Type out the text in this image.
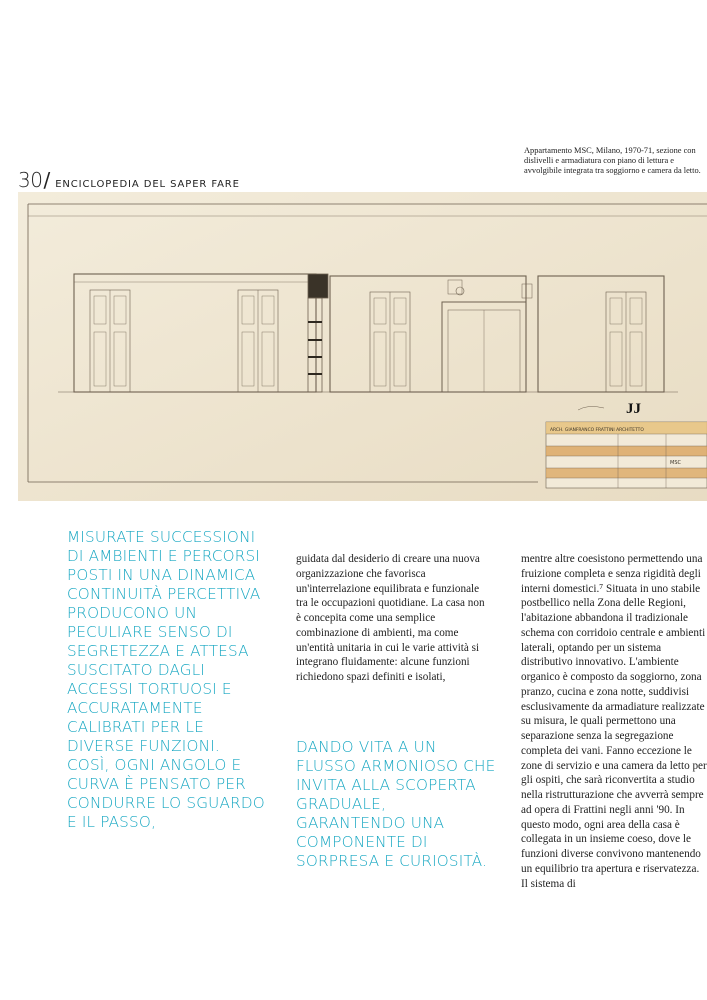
30 / ENCICLOPEDIA DEL SAPER FARE
Appartamento MSC, Milano, 1970-71, sezione con dislivelli e armadiatura con piano di lettura e avvolgibile integrata tra soggiorno e camera da letto.
JJ
ARCH. GIANFRANCO FRATTINI ARCHITETTO
MSC

MISURATE SUCCESSIONI DI AMBIENTI E PERCORSI POSTI IN UNA DINAMICA CONTINUITÀ PERCETTIVA PRODUCONO UN PECULIARE SENSO DI SEGRETEZZA E ATTESA SUSCITATO DAGLI ACCESSI TORTUOSI E ACCURATAMENTE CALIBRATI PER LE DIVERSE FUNZIONI. COSÌ, OGNI ANGOLO E CURVA È PENSATO PER CONDURRE LO SGUARDO E IL PASSO,

DANDO VITA A UN FLUSSO ARMONIOSO CHE INVITA ALLA SCOPERTA GRADUALE, GARANTENDO UNA COMPONENTE DI SORPRESA E CURIOSITÀ.

guidata dal desiderio di creare una nuova organizzazione che favorisca un'interrelazione equilibrata e funzionale tra le occupazioni quotidiane. La casa non è concepita come una semplice combinazione di ambienti, ma come un'entità unitaria in cui le varie attività si integrano fluidamente: alcune funzioni richiedono spazi definiti e isolati,

mentre altre coesistono permettendo una fruizione completa e senza rigidità degli interni domestici.⁷ Situata in uno stabile postbellico nella Zona delle Regioni, l'abitazione abbandona il tradizionale schema con corridoio centrale e ambienti laterali, optando per un sistema distributivo innovativo. L'ambiente organico è composto da soggiorno, zona pranzo, cucina e zona notte, suddivisi esclusivamente da armadiature realizzate su misura, le quali permettono una separazione senza la segregazione completa dei vani. Fanno eccezione le zone di servizio e una camera da letto per gli ospiti, che sarà riconvertita a studio nella ristrutturazione che avverrà sempre ad opera di Frattini negli anni '90. In questo modo, ogni area della casa è collegata in un insieme coeso, dove le funzioni diverse convivono mantenendo un equilibrio tra apertura e riservatezza. Il sistema di
